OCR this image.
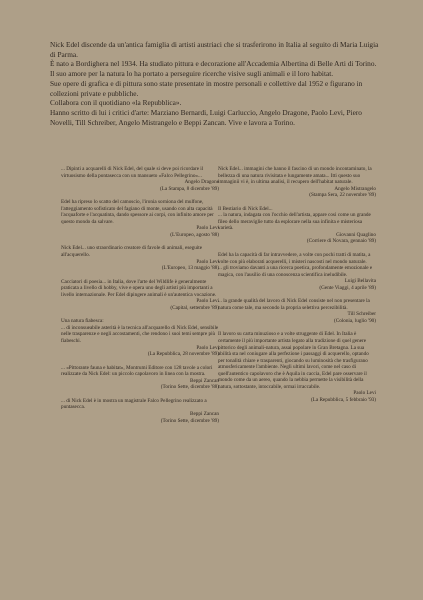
Nick Edel discende da un'antica famiglia di artisti austriaci che si trasferirono in Italia al seguito di Maria Luigia di Parma.

È nato a Bordighera nel 1934. Ha studiato pittura e decorazione all'Accademia Albertina di Belle Arti di Torino. Il suo amore per la natura lo ha portato a perseguire ricerche visive sugli animali e il loro habitat.

Sue opere di grafica e di pittura sono state presentate in mostre personali e collettive dal 1952 e figurano in collezioni private e pubbliche.

Collabora con il quotidiano «la Repubblica».

Hanno scritto di lui i critici d'arte: Marziano Bernardi, Luigi Carluccio, Angelo Dragone, Paolo Levi, Piero Novelli, Till Schreiber, Angelo Mistrangelo e Beppi Zancan. Vive e lavora a Torino.

... Dipinti a acquarelli di Nick Edel, del quale si deve poi ricordare il virtuosismo della pontasecca con un mansueto «Falco Pellegrino»...
Angelo Dragone
(La Stampa, 8 dicembre '89)
Edel ha ripreso lo scatto del camoscio, l'ironia sorniona del mulfone, l'atteggiamento sofisticato del fagiano di monte, usando con alta capacità l'acquaforte e l'acquatinta, dando spessore ai corpi, con infinito amore per questo mondo da salvare.
Paolo Levi
(L'Europeo, agosto '88)
Nick Edel... uno straordinario creatore di favole di animali, eseguite all'acquerello.
Paolo Levi
(L'Europeo, 13 maggio '88)
Cacciatori di poesia... in Italia, dove l'arte del Wildlife è generalmente praticata a livello di hobby, vive e opera uno degli artisti più importanti a livello internazionale. Per Edel dipingere animali è un'autentica vocazione.
Paolo Levi
(Capital, settembre '89)
Una natura fiabesca:
... di inconsueabile asterità è la tecnica all'acquarello di Nick Edel, sensibile nelle trasparenze e negli accostamenti, che rendono i suoi temi sempre più fiabeschi.
Paolo Levi
(La Repubblica, 28 novembre '89)
... «Pittorante fauna e habitat», Montrumi Editore con 128 tavole a colori realizzate da Nick Edel: un piccolo capolavoro in linea con la mostra.
Beppi Zancan
(Torino Sette, dicembre '88)
... di Nick Edel è in mostra un magistrale Falco Pellegrino realizzato a puntasecca.
Beppi Zancan
(Torino Sette, dicembre '89)
Nick Edel... immagini che hanno il fascino di un mondo incontaminato, la bellezza di una natura rivisitata e lungamente amata... Itti questo suo immaginii vi è, in ultima analisi, il recupero dell'habitat naturale.
Angelo Mistrangelo
(Stampa Sera, 22 novembre '89)
Il Bestiario di Nick Edel...
... la natura, indagata con l'occhio dell'artista, appare così come un grande fileo dello meraviglie tutto da esplorare nella sua infinita e misteriosa varietà.
Giovanni Quaglino
(Corriere di Novara, gennaio '89)
Edel ha la capacità di far intravvedere, a volte con pochi tratti di matita, a volte con più elaborati acquerelli, i misteri nascosti nel mondo naturale.
... gli troviamo davanti a una ricerca poetica, profondamente emozionale e magica, con l'ausilio di una conoscenza scientifica ineludibile.
Luigi Bellavita
(Gente Viaggi, 4 aprile '89)
... la grande qualità del lavoro di Nick Edel consiste nel non presentare la natura come tale, ma secondo la propria selettiva percezibilità.
Till Schreiber
(Colonia, luglio '90)
Il lavoro su carta minuzioso e a volte struggente di Edel. In Italia è certamente il più importante artista legato alla tradizione di quel genere pittorico degli animali-natura, assai popolare in Gran Bretagna. La sua abilità sta nel coniugare alla perfezione i passaggi di acquerello, optando per tonalità chiare e trasparenti, giocando su luminosità che trasfigurano atmosfericamente l'ambiente. Negli ultimi lavori, come nel caso di quell'autentico capolavoro che è Aquila in caccia, Edel pare osservare il mondo come da un aereo, quando la nebbia permette la visibilità della natura, sottostante, intoccabile, ormai irraccabile.
Paolo Levi
(La Repubblica, 5 febbraio '93)
